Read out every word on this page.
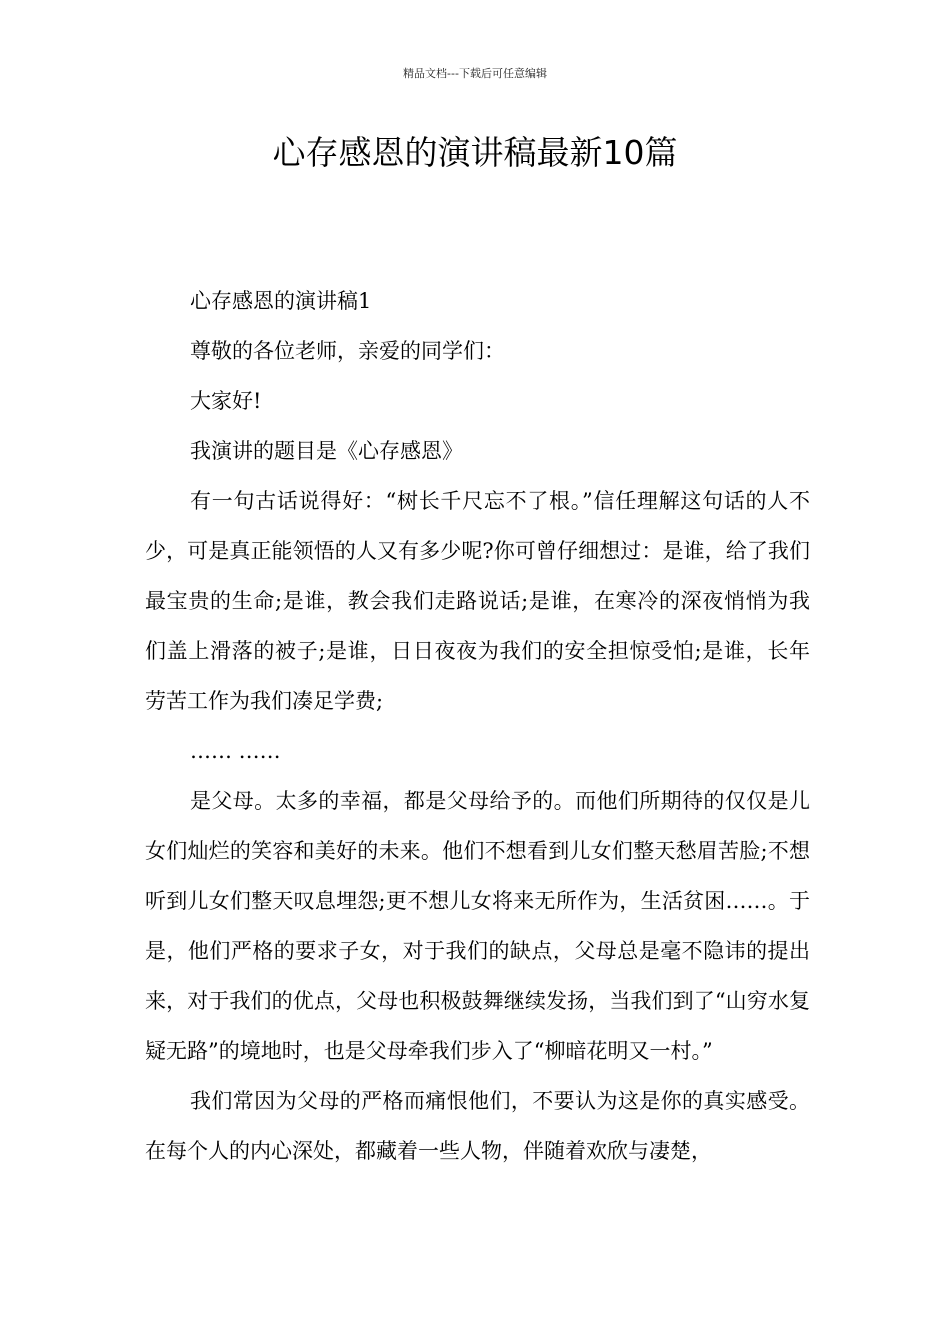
精品文档---下载后可任意编辑
心存感恩的演讲稿最新10篇

心存感恩的演讲稿1

尊敬的各位老师，亲爱的同学们：

大家好!

我演讲的题目是《心存感恩》

有一句古话说得好：“树长千尺忘不了根。”信任理解这句话的人不少，可是真正能领悟的人又有多少呢?你可曾仔细想过：是谁，给了我们最宝贵的生命;是谁，教会我们走路说话;是谁，在寒冷的深夜悄悄为我们盖上滑落的被子;是谁，日日夜夜为我们的安全担惊受怕;是谁，长年劳苦工作为我们凑足学费;

…… ……

是父母。太多的幸福，都是父母给予的。而他们所期待的仅仅是儿女们灿烂的笑容和美好的未来。他们不想看到儿女们整天愁眉苦脸;不想听到儿女们整天叹息埋怨;更不想儿女将来无所作为，生活贫困……。于是，他们严格的要求子女，对于我们的缺点，父母总是毫不隐讳的提出来，对于我们的优点，父母也积极鼓舞继续发扬，当我们到了“山穷水复疑无路”的境地时，也是父母牵我们步入了“柳暗花明又一村。”

我们常因为父母的严格而痛恨他们，不要认为这是你的真实感受。在每个人的内心深处，都藏着一些人物，伴随着欢欣与凄楚，
